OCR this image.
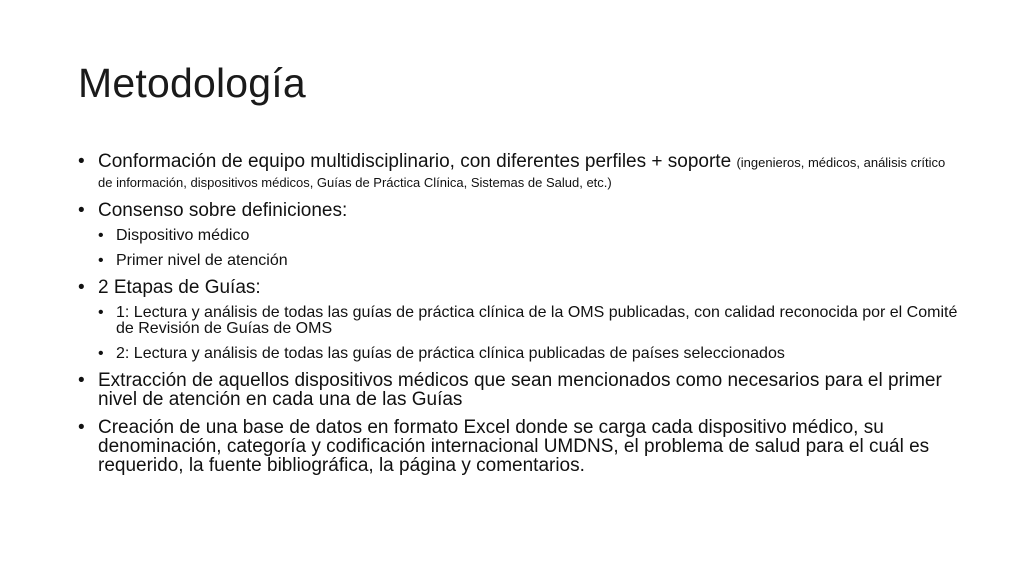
Metodología
• Conformación de equipo multidisciplinario, con diferentes perfiles + soporte (ingenieros, médicos, análisis crítico de información, dispositivos médicos, Guías de Práctica Clínica, Sistemas de Salud, etc.)
• Consenso sobre definiciones:
• Dispositivo médico
• Primer nivel de atención
• 2 Etapas de Guías:
• 1: Lectura y análisis de todas las guías de práctica clínica de la OMS publicadas, con calidad reconocida por el Comité de Revisión de Guías de OMS
• 2: Lectura y análisis de todas las guías de práctica clínica publicadas de países seleccionados
• Extracción de aquellos dispositivos médicos que sean mencionados como necesarios para el primer nivel de atención en cada una de las Guías
• Creación de una base de datos en formato Excel donde se carga cada dispositivo médico, su denominación, categoría y codificación internacional UMDNS, el problema de salud para el cuál es requerido, la fuente bibliográfica, la página y comentarios.
